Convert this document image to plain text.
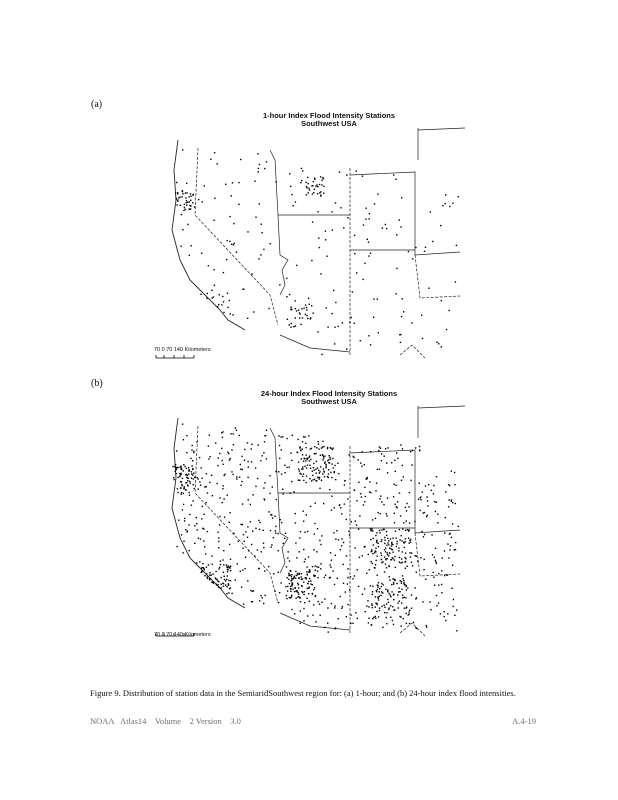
(a)
1-hour Index Flood Intensity Stations
Southwest USA
70 0 70 140 Kilometers
(b)
24-hour Index Flood Intensity Stations
Southwest USA
70 0 70 140 Kilometers
Figure 9. Distribution of station data in the SemiaridSouthwest region for: (a) 1-hour; and (b) 24-hour index flood intensities.
NOAA   Atlas14    Volume    2 Version    3.0	A.4-19
